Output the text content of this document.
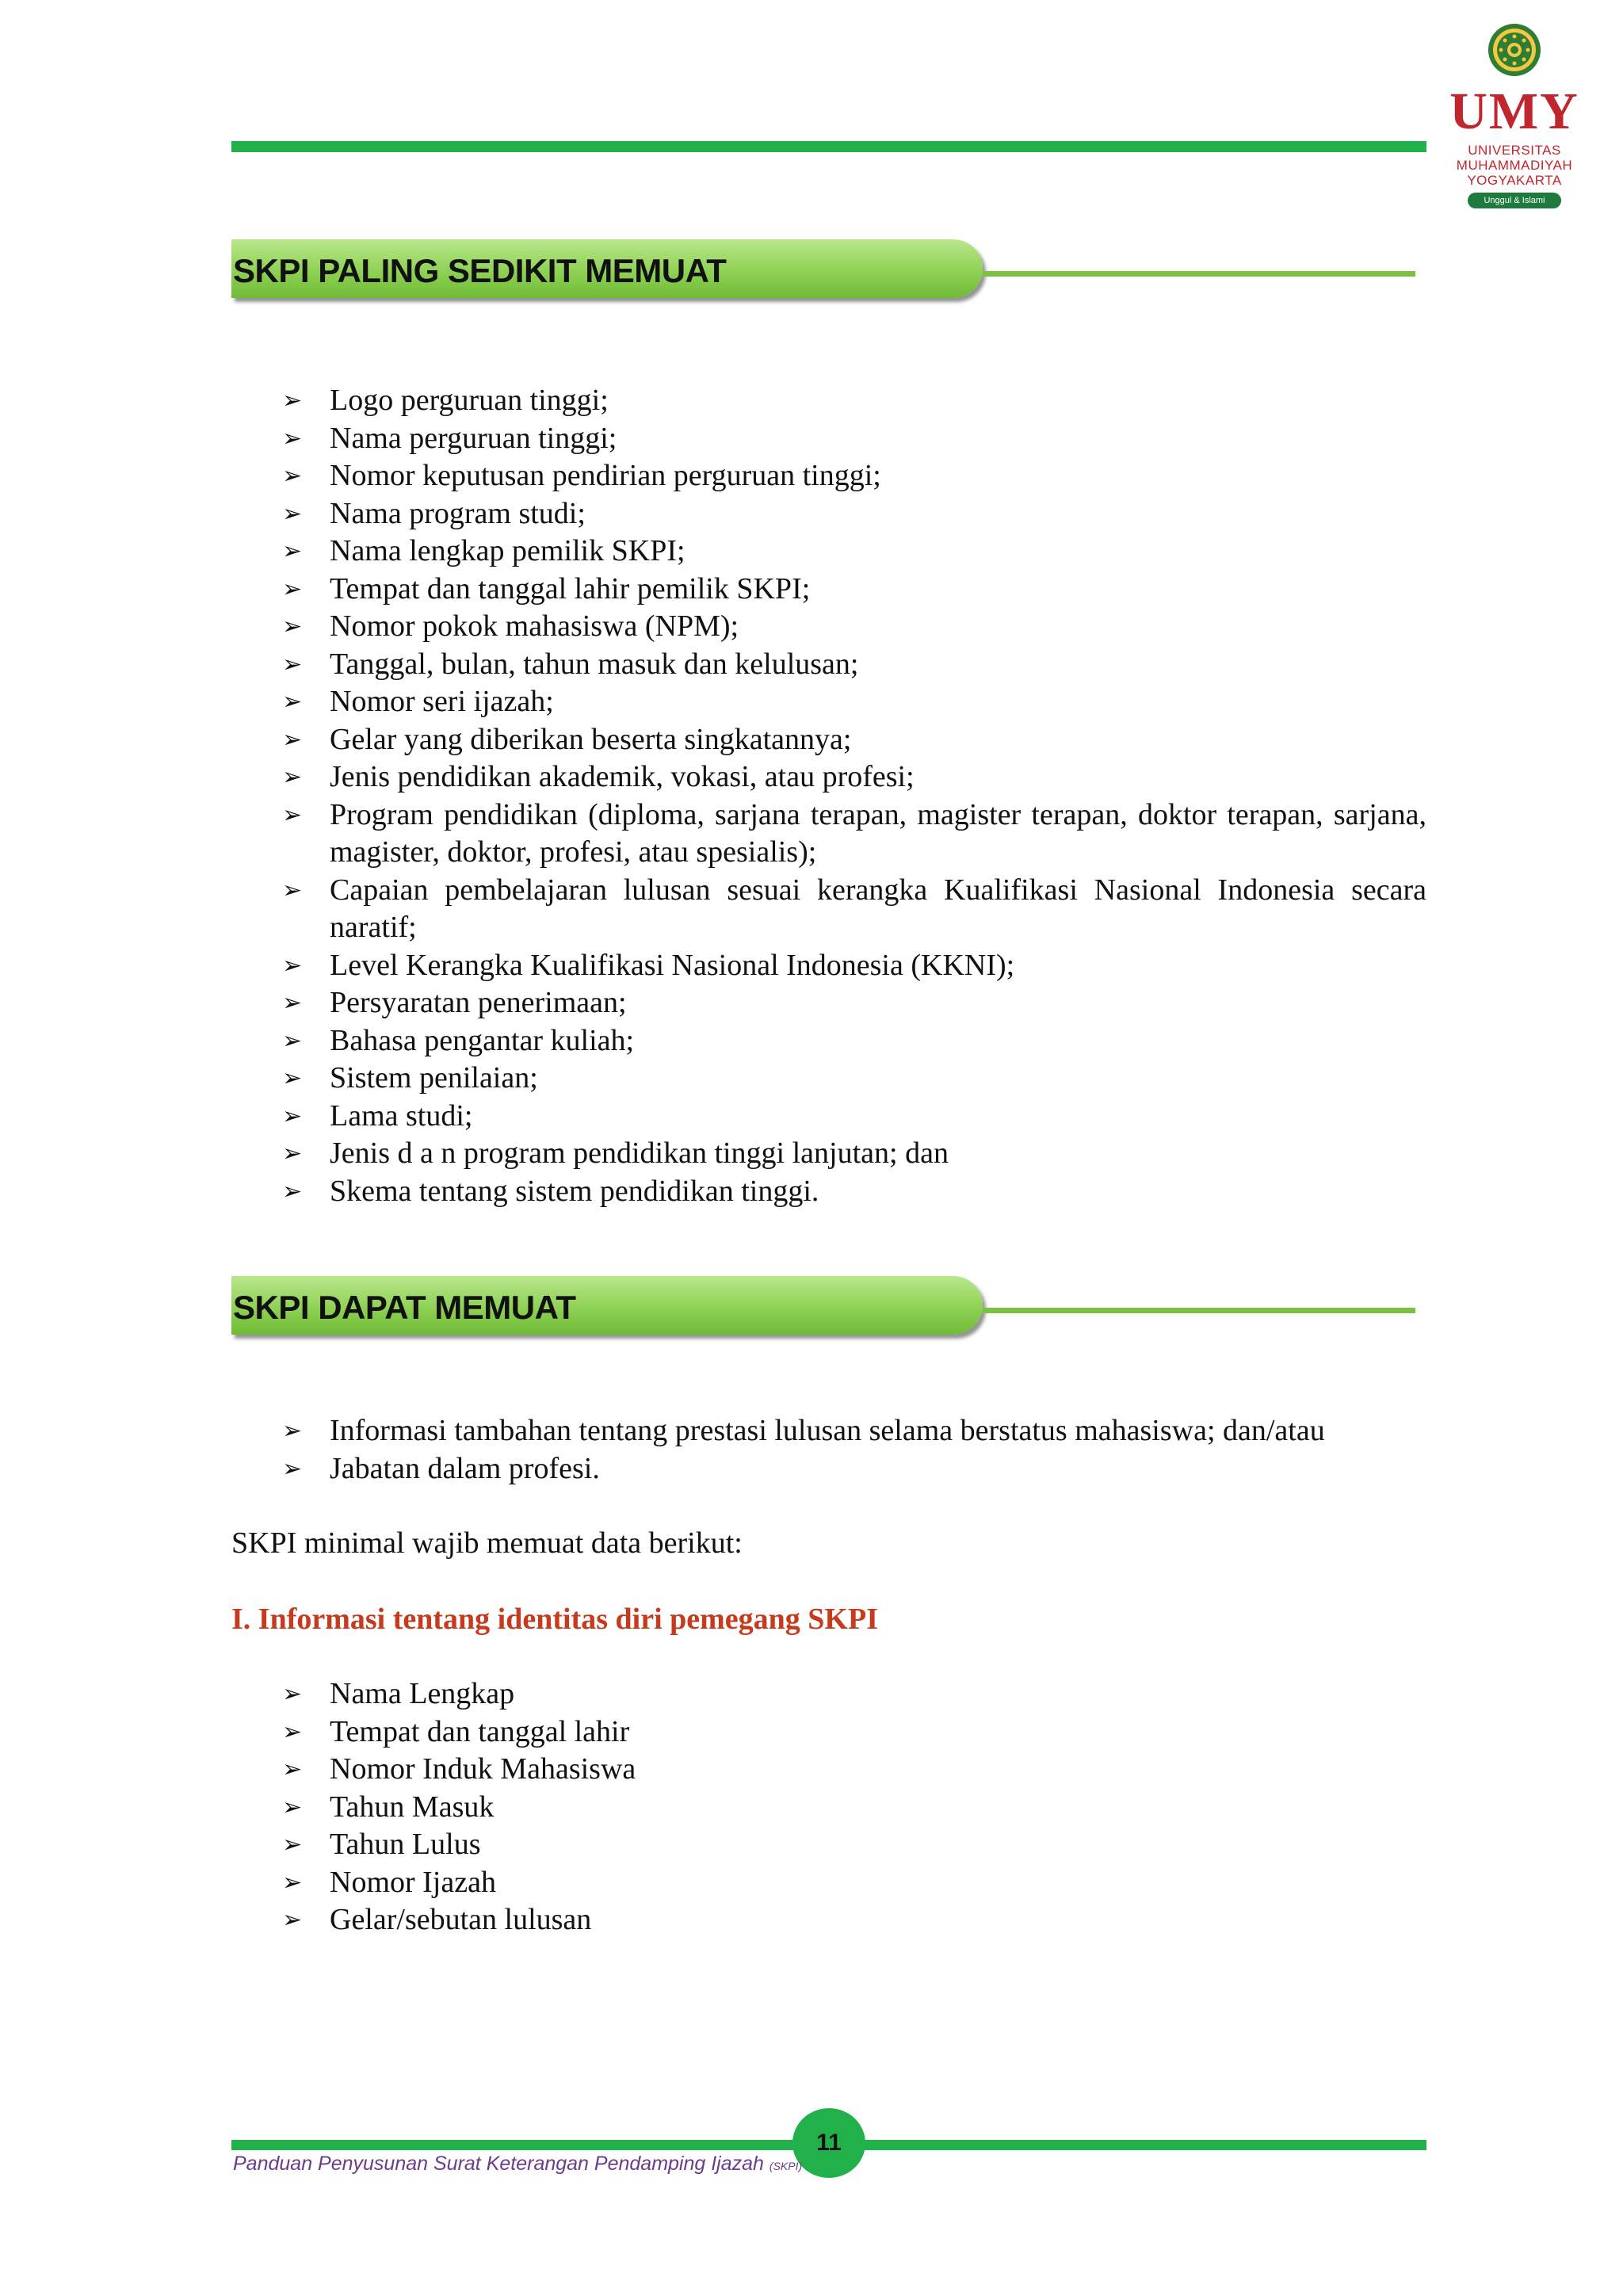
UMY
UNIVERSITAS
MUHAMMADIYAH
YOGYAKARTA
Unggul & Islami
SKPI PALING SEDIKIT MEMUAT
➢ Logo perguruan tinggi;
➢ Nama perguruan tinggi;
➢ Nomor keputusan pendirian perguruan tinggi;
➢ Nama program studi;
➢ Nama lengkap pemilik SKPI;
➢ Tempat dan tanggal lahir pemilik SKPI;
➢ Nomor pokok mahasiswa (NPM);
➢ Tanggal, bulan, tahun masuk dan kelulusan;
➢ Nomor seri ijazah;
➢ Gelar yang diberikan beserta singkatannya;
➢ Jenis pendidikan akademik, vokasi, atau profesi;
➢ Program pendidikan (diploma, sarjana terapan, magister terapan, doktor terapan, sarjana, magister, doktor, profesi, atau spesialis);
➢ Capaian pembelajaran lulusan sesuai kerangka Kualifikasi Nasional Indonesia secara naratif;
➢ Level Kerangka Kualifikasi Nasional Indonesia (KKNI);
➢ Persyaratan penerimaan;
➢ Bahasa pengantar kuliah;
➢ Sistem penilaian;
➢ Lama studi;
➢ Jenis d a n program pendidikan tinggi lanjutan; dan
➢ Skema tentang sistem pendidikan tinggi.
SKPI DAPAT MEMUAT
➢ Informasi tambahan tentang prestasi lulusan selama berstatus mahasiswa; dan/atau
➢ Jabatan dalam profesi.
SKPI minimal wajib memuat data berikut:
I. Informasi tentang identitas diri pemegang SKPI
➢ Nama Lengkap
➢ Tempat dan tanggal lahir
➢ Nomor Induk Mahasiswa
➢ Tahun Masuk
➢ Tahun Lulus
➢ Nomor Ijazah
➢ Gelar/sebutan lulusan
11
Panduan Penyusunan Surat Keterangan Pendamping Ijazah (SKPI)
